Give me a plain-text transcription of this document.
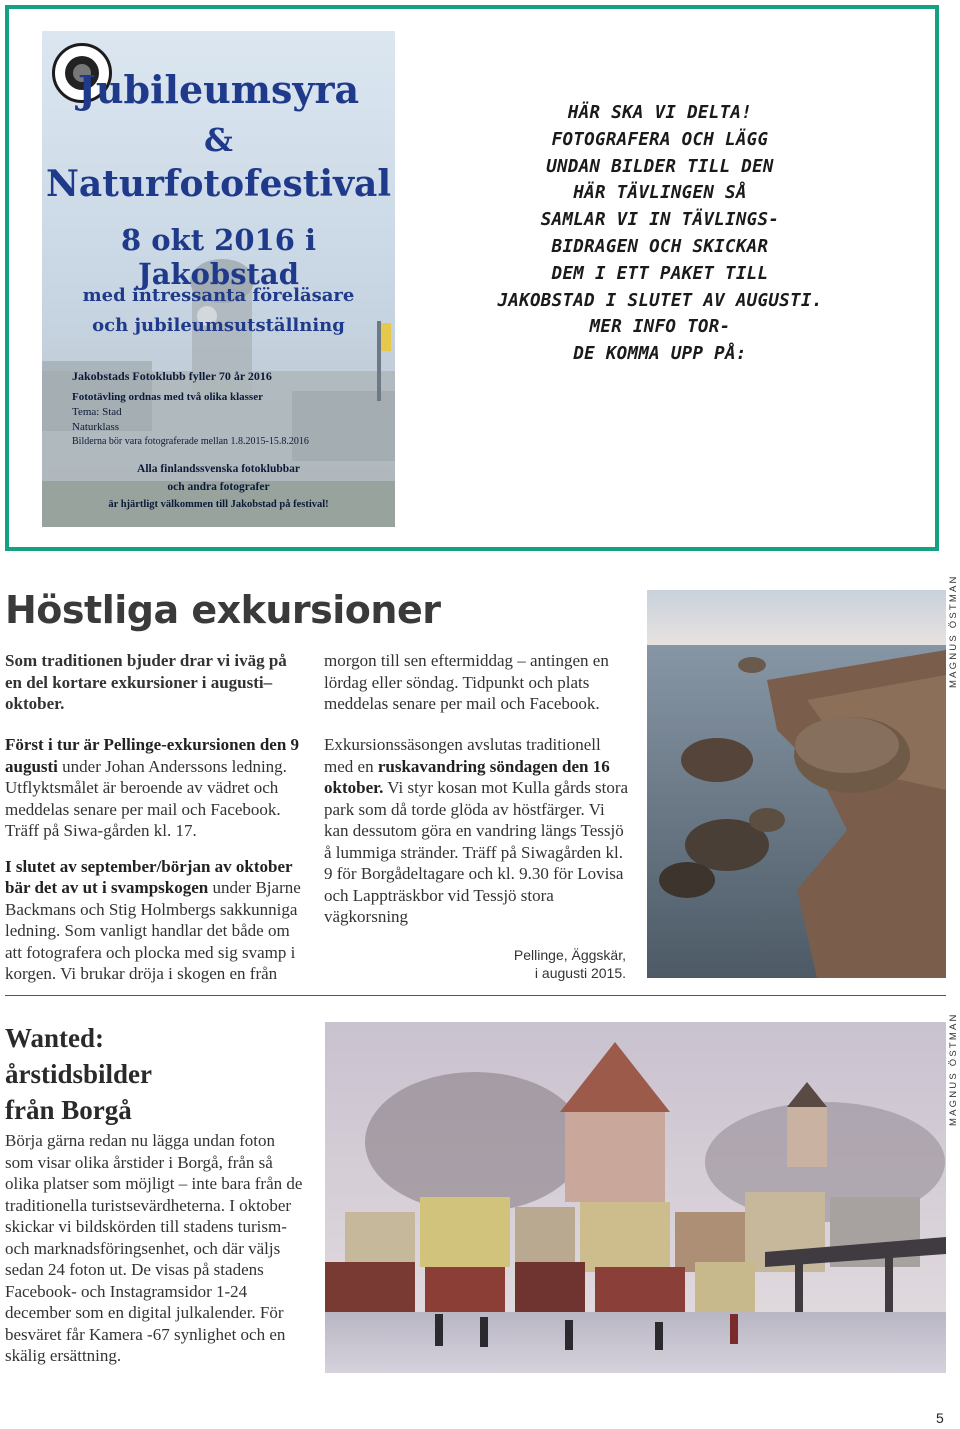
Jubileumsyra
&
Naturfotofestival
8 okt 2016 i Jakobstad
med intressanta föreläsare
och jubileumsutställning
Jakobstads Fotoklubb fyller 70 år 2016
Fototävling ordnas med två olika klasser
Tema: Stad
Naturklass
Bilderna bör vara fotograferade mellan 1.8.2015-15.8.2016
Alla finlandssvenska fotoklubbar
och andra fotografer
är hjärtligt välkommen till Jakobstad på festival!
HÄR SKA VI DELTA!
FOTOGRAFERA OCH LÄGG
UNDAN BILDER TILL DEN
HÄR TÄVLINGEN SÅ
SAMLAR VI IN TÄVLINGS-
BIDRAGEN OCH SKICKAR
DEM I ETT PAKET TILL
JAKOBSTAD I SLUTET AV AUGUSTI.
MER INFO TOR-
DE KOMMA UPP PÅ:
Höstliga exkursioner
Som traditionen bjuder drar vi iväg på en del kortare exkursioner i augusti–oktober.

Först i tur är Pellinge-exkursionen den 9 augusti under Johan Anderssons ledning. Utflyktsmålet är beroende av vädret och meddelas senare per mail och Facebook. Träff på Siwa-gården kl. 17.

I slutet av september/början av oktober bär det av ut i svampskogen under Bjarne Backmans och Stig Holmbergs sakkunniga ledning. Som vanligt handlar det både om att fotografera och plocka med sig svamp i korgen. Vi brukar dröja i skogen en från

morgon till sen eftermiddag – antingen en lördag eller söndag. Tidpunkt och plats meddelas senare per mail och Facebook.

Exkursionssäsongen avslutas traditionell med en ruskavandring söndagen den 16 oktober. Vi styr kosan mot Kulla gårds stora park som då torde glöda av höstfärger. Vi kan dessutom göra en vandring längs Tessjö å lummiga stränder. Träff på Siwagården kl. 9 för Borgådeltagare och kl. 9.30 för Lovisa och Lappträskbor vid Tessjö stora vägkorsning

Pellinge, Äggskär,
i augusti 2015.
MAGNUS ÖSTMAN
Wanted:
årstidsbilder
från Borgå
Börja gärna redan nu lägga undan foton som visar olika årstider i Borgå, från så olika platser som möjligt – inte bara från de traditionella turistsevärdheterna. I oktober skickar vi bildskörden till stadens turism- och marknadsföringsenhet, och där väljs sedan 24 foton ut. De visas på stadens Facebook- och Instagramsidor 1-24 december som en digital julkalender. För besväret får Kamera -67 synlighet och en skälig ersättning.
MAGNUS ÖSTMAN
5
